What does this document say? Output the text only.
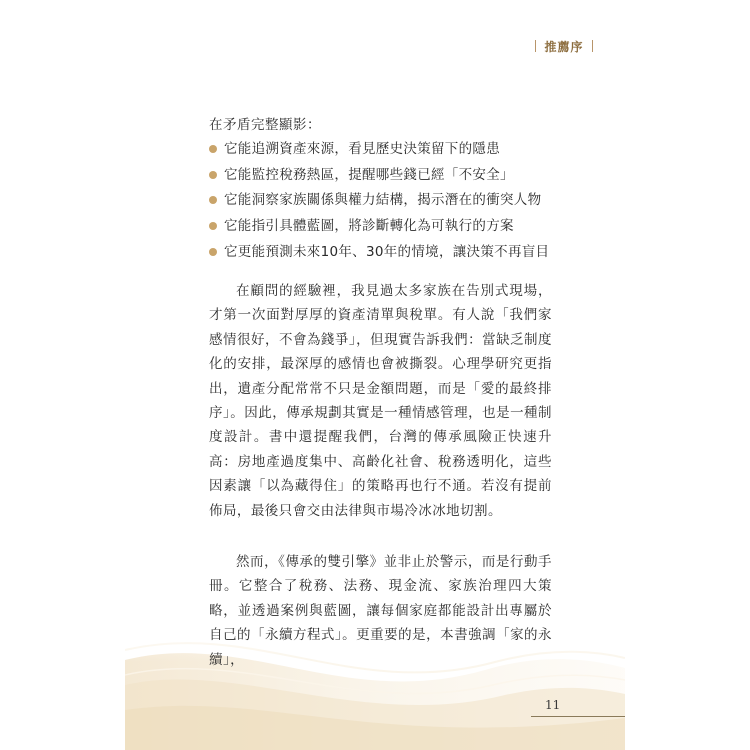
推薦序
在矛盾完整顯影：
它能追溯資產來源，看見歷史決策留下的隱患
它能監控稅務熱區，提醒哪些錢已經「不安全」
它能洞察家族關係與權力結構，揭示潛在的衝突人物
它能指引具體藍圖，將診斷轉化為可執行的方案
它更能預測未來10年、30年的情境，讓決策不再盲目

在顧問的經驗裡，我見過太多家族在告別式現場，才第一次面對厚厚的資產清單與稅單。有人說「我們家感情很好，不會為錢爭」，但現實告訴我們：當缺乏制度化的安排，最深厚的感情也會被撕裂。心理學研究更指出，遺產分配常常不只是金額問題，而是「愛的最終排序」。因此，傳承規劃其實是一種情感管理，也是一種制度設計。書中還提醒我們，台灣的傳承風險正快速升高：房地產過度集中、高齡化社會、稅務透明化，這些因素讓「以為藏得住」的策略再也行不通。若沒有提前佈局，最後只會交由法律與市場冷冰冰地切割。

然而，《傳承的雙引擎》並非止於警示，而是行動手冊。它整合了稅務、法務、現金流、家族治理四大策略，並透過案例與藍圖，讓每個家庭都能設計出專屬於自己的「永續方程式」。更重要的是，本書強調「家的永續」，

11
